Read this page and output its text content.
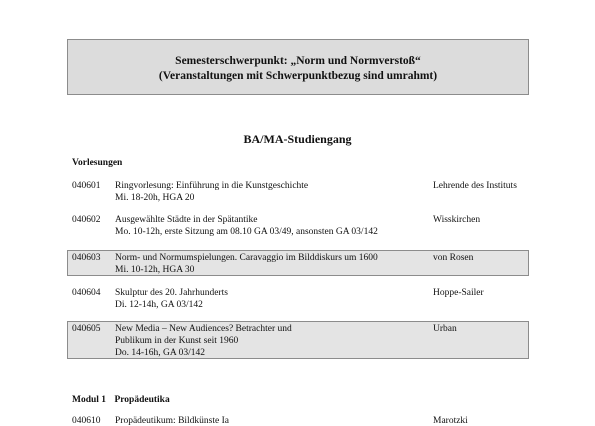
Semesterschwerpunkt: „Norm und Normverstoß“
(Veranstaltungen mit Schwerpunktbezug sind umrahmt)
BA/MA-Studiengang
Vorlesungen
040601 Ringvorlesung: Einführung in die Kunstgeschichte
Mi. 18-20h, HGA 20
Lehrende des Instituts
040602 Ausgewählte Städte in der Spätantike
Mo. 10-12h, erste Sitzung am 08.10 GA 03/49, ansonsten GA 03/142
Wisskirchen
040603 Norm- und Normumspielungen. Caravaggio im Bilddiskurs um 1600
Mi. 10-12h, HGA 30
von Rosen
040604 Skulptur des 20. Jahrhunderts
Di. 12-14h, GA 03/142
Hoppe-Sailer
040605 New Media – New Audiences? Betrachter und
Publikum in der Kunst seit 1960
Do. 14-16h, GA 03/142
Urban
Modul 1 Propädeutika
040610 Propädeutikum: Bildkünste Ia	Marotzki
